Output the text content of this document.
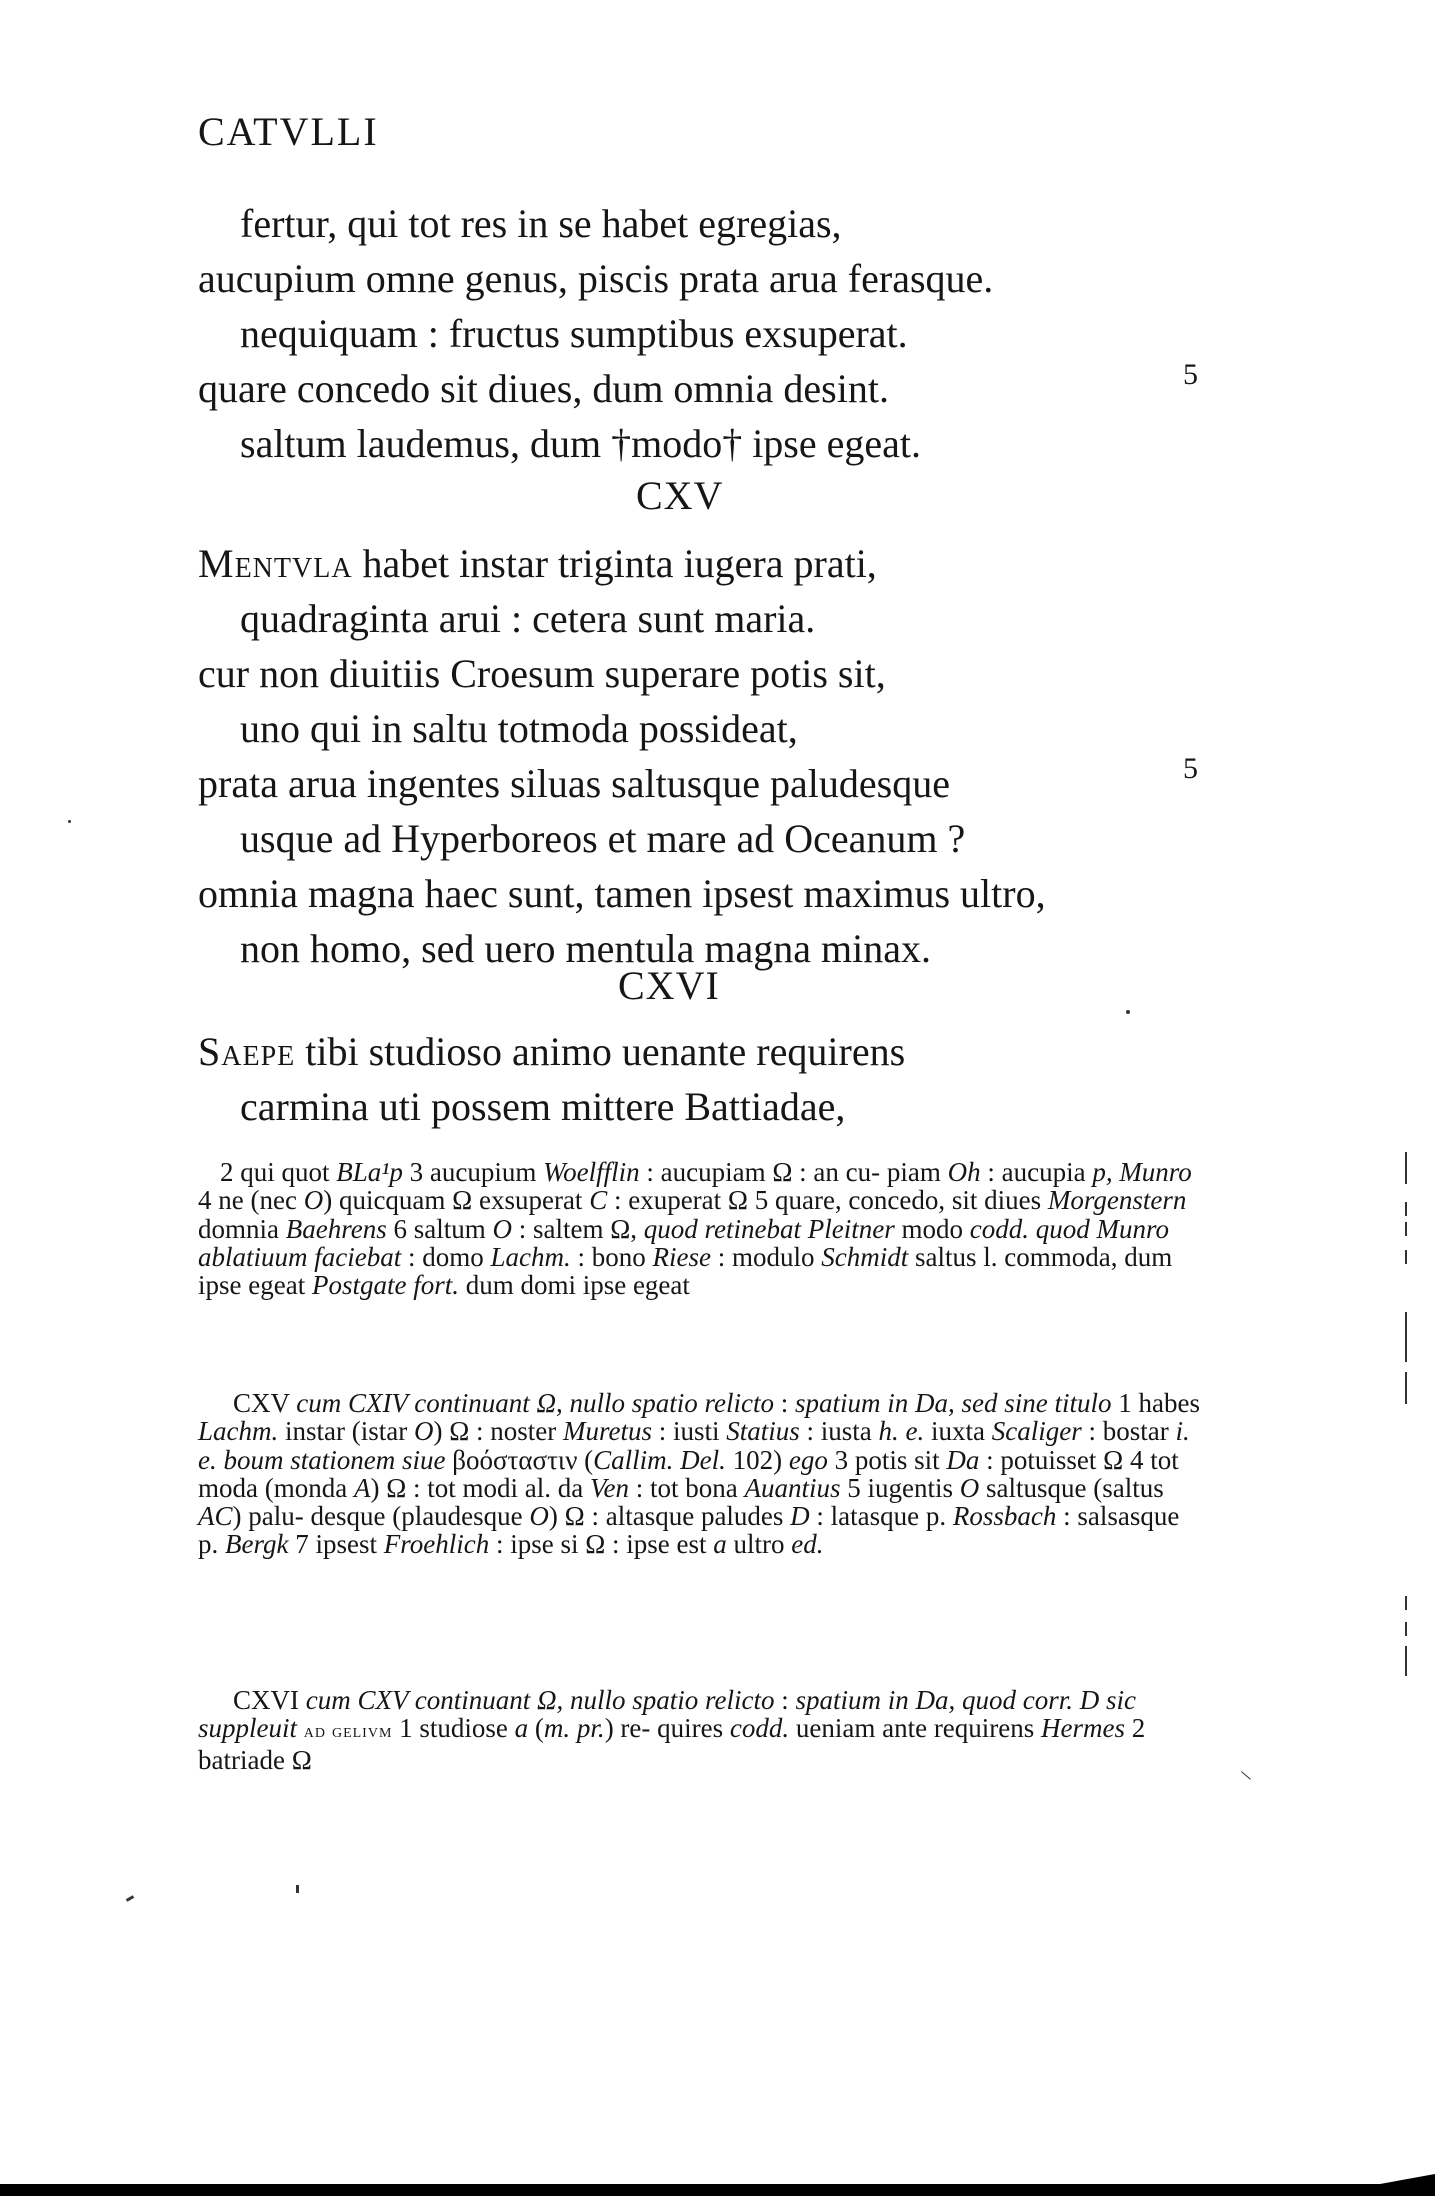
CATVLLI
fertur, qui tot res in se habet egregias,
aucupium omne genus, piscis prata arua ferasque.
nequiquam : fructus sumptibus exsuperat.
quare concedo sit diues, dum omnia desint.
saltum laudemus, dum †modo† ipse egeat.
5
CXV
Mentvla habet instar triginta iugera prati,
quadraginta arui : cetera sunt maria.
cur non diuitiis Croesum superare potis sit,
uno qui in saltu totmoda possideat,
prata arua ingentes siluas saltusque paludesque
usque ad Hyperboreos et mare ad Oceanum ?
omnia magna haec sunt, tamen ipsest maximus ultro,
non homo, sed uero mentula magna minax.
5
CXVI
Saepe tibi studioso animo uenante requirens
carmina uti possem mittere Battiadae,
2 qui quot BLa¹p 3 aucupium Woelfflin : aucupiam Ω : an cu- piam Oh : aucupia p, Munro 4 ne (nec O) quicquam Ω exsuperat C : exuperat Ω 5 quare, concedo, sit diues Morgenstern domnia Baehrens 6 saltum O : saltem Ω, quod retinebat Pleitner modo codd. quod Munro ablatiuum faciebat : domo Lachm. : bono Riese : modulo Schmidt saltus l. commoda, dum ipse egeat Postgate fort. dum domi ipse egeat
CXV cum CXIV continuant Ω, nullo spatio relicto : spatium in Da, sed sine titulo 1 habes Lachm. instar (istar O) Ω : noster Muretus : iusti Statius : iusta h. e. iuxta Scaliger : bostar i. e. boum stationem siue βοόσταστιν (Callim. Del. 102) ego 3 potis sit Da : potuisset Ω 4 tot moda (monda A) Ω : tot modi al. da Ven : tot bona Auantius 5 iugentis O saltusque (saltus AC) palu- desque (plaudesque O) Ω : altasque paludes D : latasque p. Rossbach : salsasque p. Bergk 7 ipsest Froehlich : ipse si Ω : ipse est a ultro ed.
CXVI cum CXV continuant Ω, nullo spatio relicto : spatium in Da, quod corr. D sic suppleuit ad gelivm 1 studiose a (m. pr.) re- quires codd. ueniam ante requirens Hermes 2 batriade Ω
